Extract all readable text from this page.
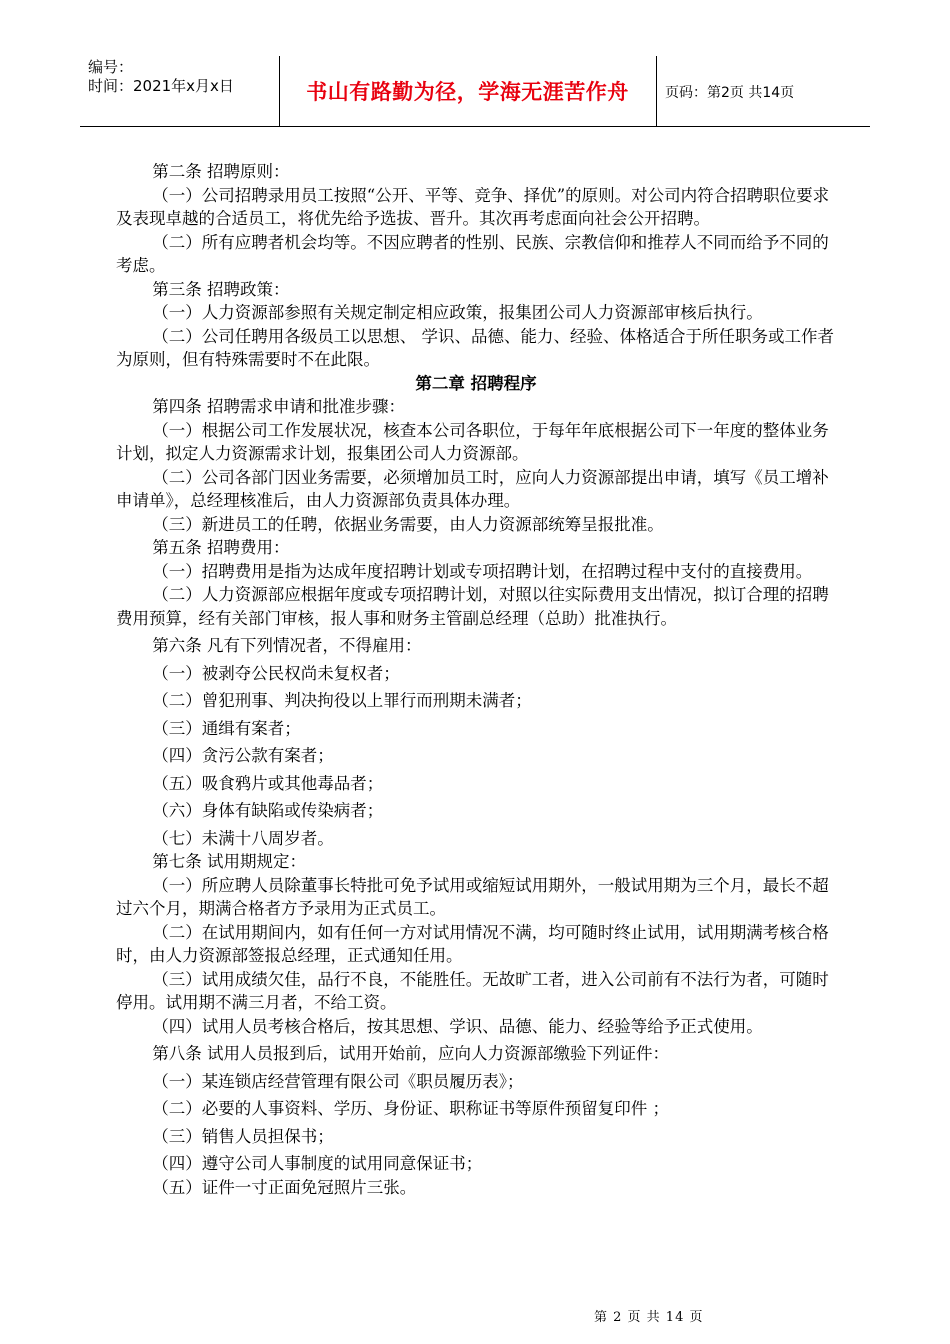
编号：
时间：2021年x月x日	书山有路勤为径，学海无涯苦作舟	页码：第2页 共14页

第二条 招聘原则：

（一）公司招聘录用员工按照“公开、平等、竞争、择优”的原则。对公司内符合招聘职位要求及表现卓越的合适员工，将优先给予选拔、晋升。其次再考虑面向社会公开招聘。

（二）所有应聘者机会均等。不因应聘者的性别、民族、宗教信仰和推荐人不同而给予不同的考虑。

第三条 招聘政策：

（一）人力资源部参照有关规定制定相应政策，报集团公司人力资源部审核后执行。

（二）公司任聘用各级员工以思想、 学识、品德、能力、经验、体格适合于所任职务或工作者为原则，但有特殊需要时不在此限。

第二章 招聘程序

第四条 招聘需求申请和批准步骤：

（一）根据公司工作发展状况，核查本公司各职位，于每年年底根据公司下一年度的整体业务计划，拟定人力资源需求计划，报集团公司人力资源部。

（二）公司各部门因业务需要，必须增加员工时，应向人力资源部提出申请，填写《员工增补申请单》，总经理核准后，由人力资源部负责具体办理。

（三）新进员工的任聘，依据业务需要，由人力资源部统筹呈报批准。

第五条 招聘费用：

（一）招聘费用是指为达成年度招聘计划或专项招聘计划，在招聘过程中支付的直接费用。

（二）人力资源部应根据年度或专项招聘计划，对照以往实际费用支出情况，拟订合理的招聘费用预算，经有关部门审核，报人事和财务主管副总经理（总助）批准执行。

第六条 凡有下列情况者，不得雇用：

（一）被剥夺公民权尚未复权者；

（二）曾犯刑事、判决拘役以上罪行而刑期未满者；

（三）通缉有案者；

（四）贪污公款有案者；

（五）吸食鸦片或其他毒品者；

（六）身体有缺陷或传染病者；

（七）未满十八周岁者。

第七条 试用期规定：

（一）所应聘人员除董事长特批可免予试用或缩短试用期外，一般试用期为三个月，最长不超过六个月，期满合格者方予录用为正式员工。

（二）在试用期间内，如有任何一方对试用情况不满，均可随时终止试用，试用期满考核合格时，由人力资源部签报总经理，正式通知任用。

（三）试用成绩欠佳，品行不良，不能胜任。无故旷工者，进入公司前有不法行为者，可随时停用。试用期不满三月者，不给工资。

（四）试用人员考核合格后，按其思想、学识、品德、能力、经验等给予正式使用。

第八条 试用人员报到后，试用开始前，应向人力资源部缴验下列证件：

（一）某连锁店经营管理有限公司《职员履历表》；

（二）必要的人事资料、学历、身份证、职称证书等原件预留复印件 ；

（三）销售人员担保书；

（四）遵守公司人事制度的试用同意保证书；

（五）证件一寸正面免冠照片三张。

第 2 页 共 14 页
